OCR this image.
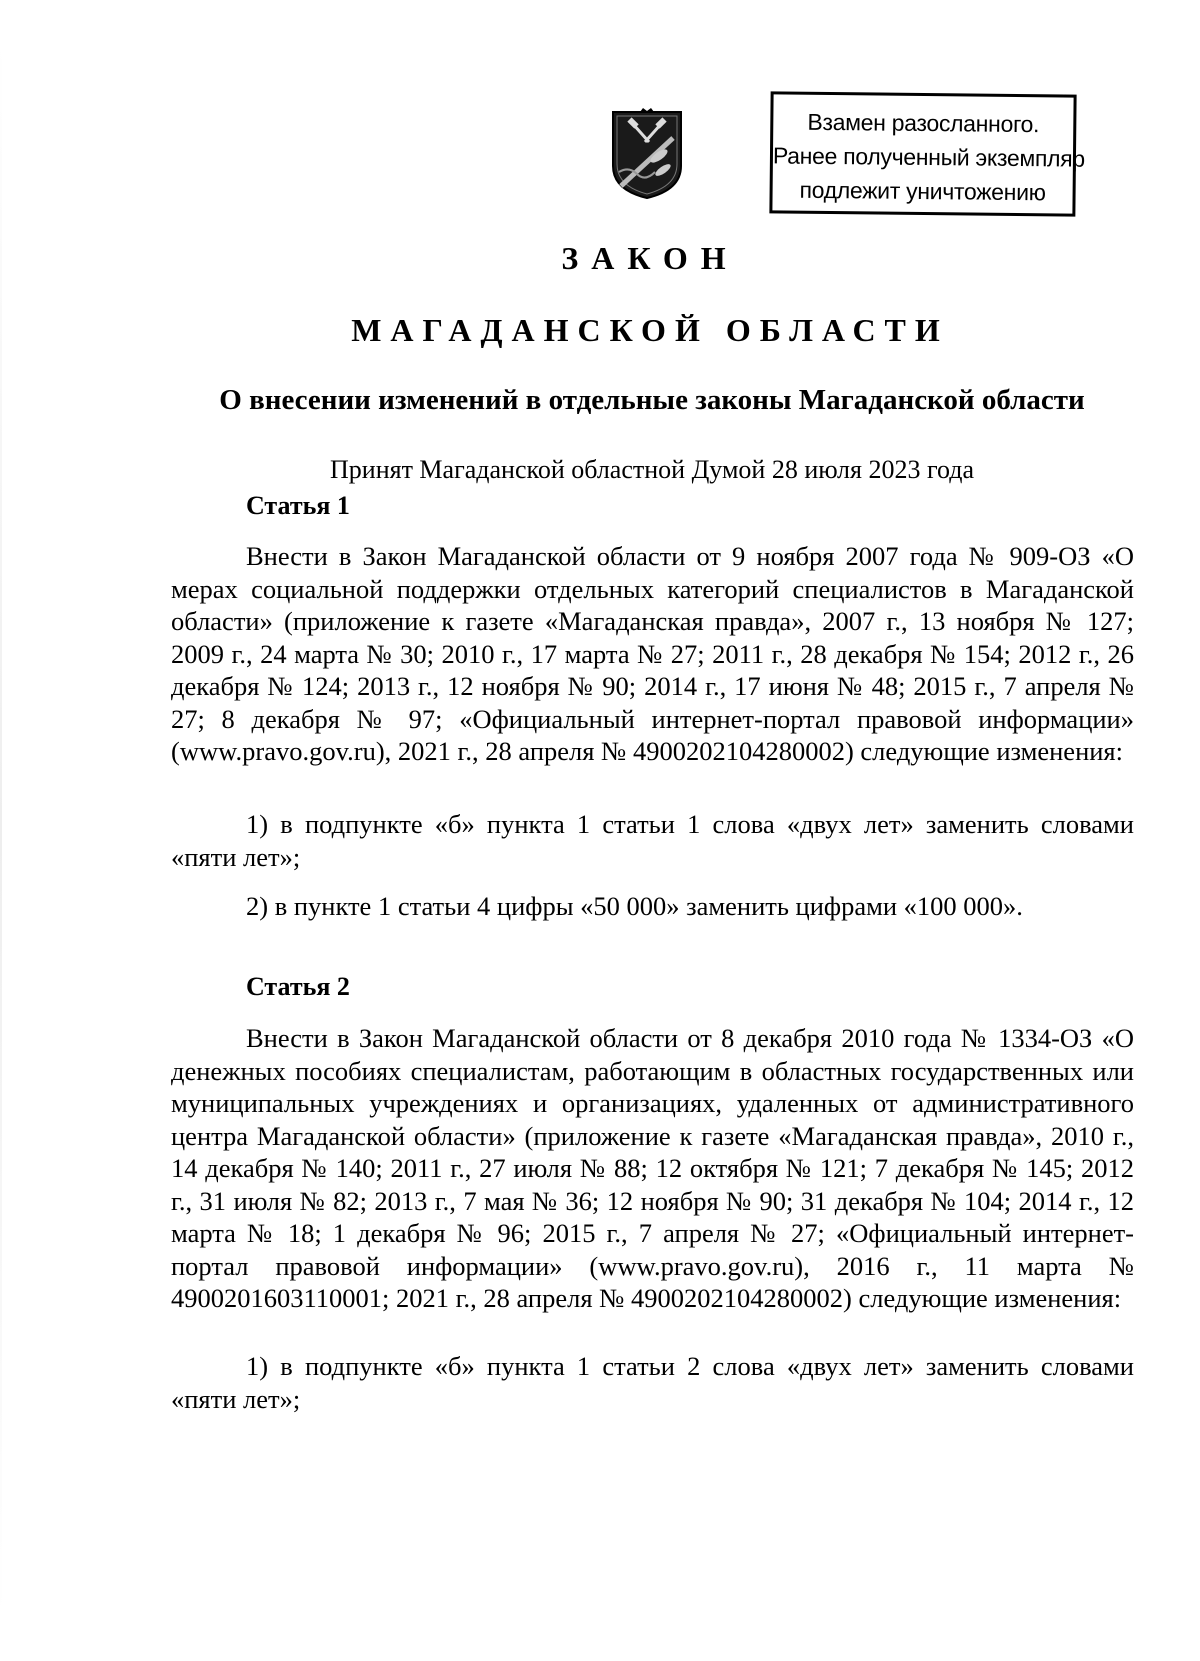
Взамен разосланного.
Ранее полученный экземпляр
подлежит уничтожению
ЗАКОН
МАГАДАНСКОЙ ОБЛАСТИ
О внесении изменений в отдельные законы Магаданской области
Принят Магаданской областной Думой 28 июля 2023 года
Статья 1
Внести в Закон Магаданской области от 9 ноября 2007 года № 909-ОЗ «О мерах социальной поддержки отдельных категорий специалистов в Магаданской области» (приложение к газете «Магаданская правда», 2007 г., 13 ноября № 127; 2009 г., 24 марта № 30; 2010 г., 17 марта № 27; 2011 г., 28 декабря № 154; 2012 г., 26 декабря № 124; 2013 г., 12 ноября № 90; 2014 г., 17 июня № 48; 2015 г., 7 апреля № 27; 8 декабря № 97; «Официальный интернет-портал правовой информации» (www.pravo.gov.ru), 2021 г., 28 апреля № 4900202104280002) следующие изменения:
1) в подпункте «б» пункта 1 статьи 1 слова «двух лет» заменить словами «пяти лет»;
2) в пункте 1 статьи 4 цифры «50 000» заменить цифрами «100 000».
Статья 2
Внести в Закон Магаданской области от 8 декабря 2010 года № 1334-ОЗ «О денежных пособиях специалистам, работающим в областных государственных или муниципальных учреждениях и организациях, удаленных от административного центра Магаданской области» (приложение к газете «Магаданская правда», 2010 г., 14 декабря № 140; 2011 г., 27 июля № 88; 12 октября № 121; 7 декабря № 145; 2012 г., 31 июля № 82; 2013 г., 7 мая № 36; 12 ноября № 90; 31 декабря № 104; 2014 г., 12 марта № 18; 1 декабря № 96; 2015 г., 7 апреля № 27; «Официальный интернет-портал правовой информации» (www.pravo.gov.ru), 2016 г., 11 марта № 4900201603110001; 2021 г., 28 апреля № 4900202104280002) следующие изменения:
1) в подпункте «б» пункта 1 статьи 2 слова «двух лет» заменить словами «пяти лет»;
